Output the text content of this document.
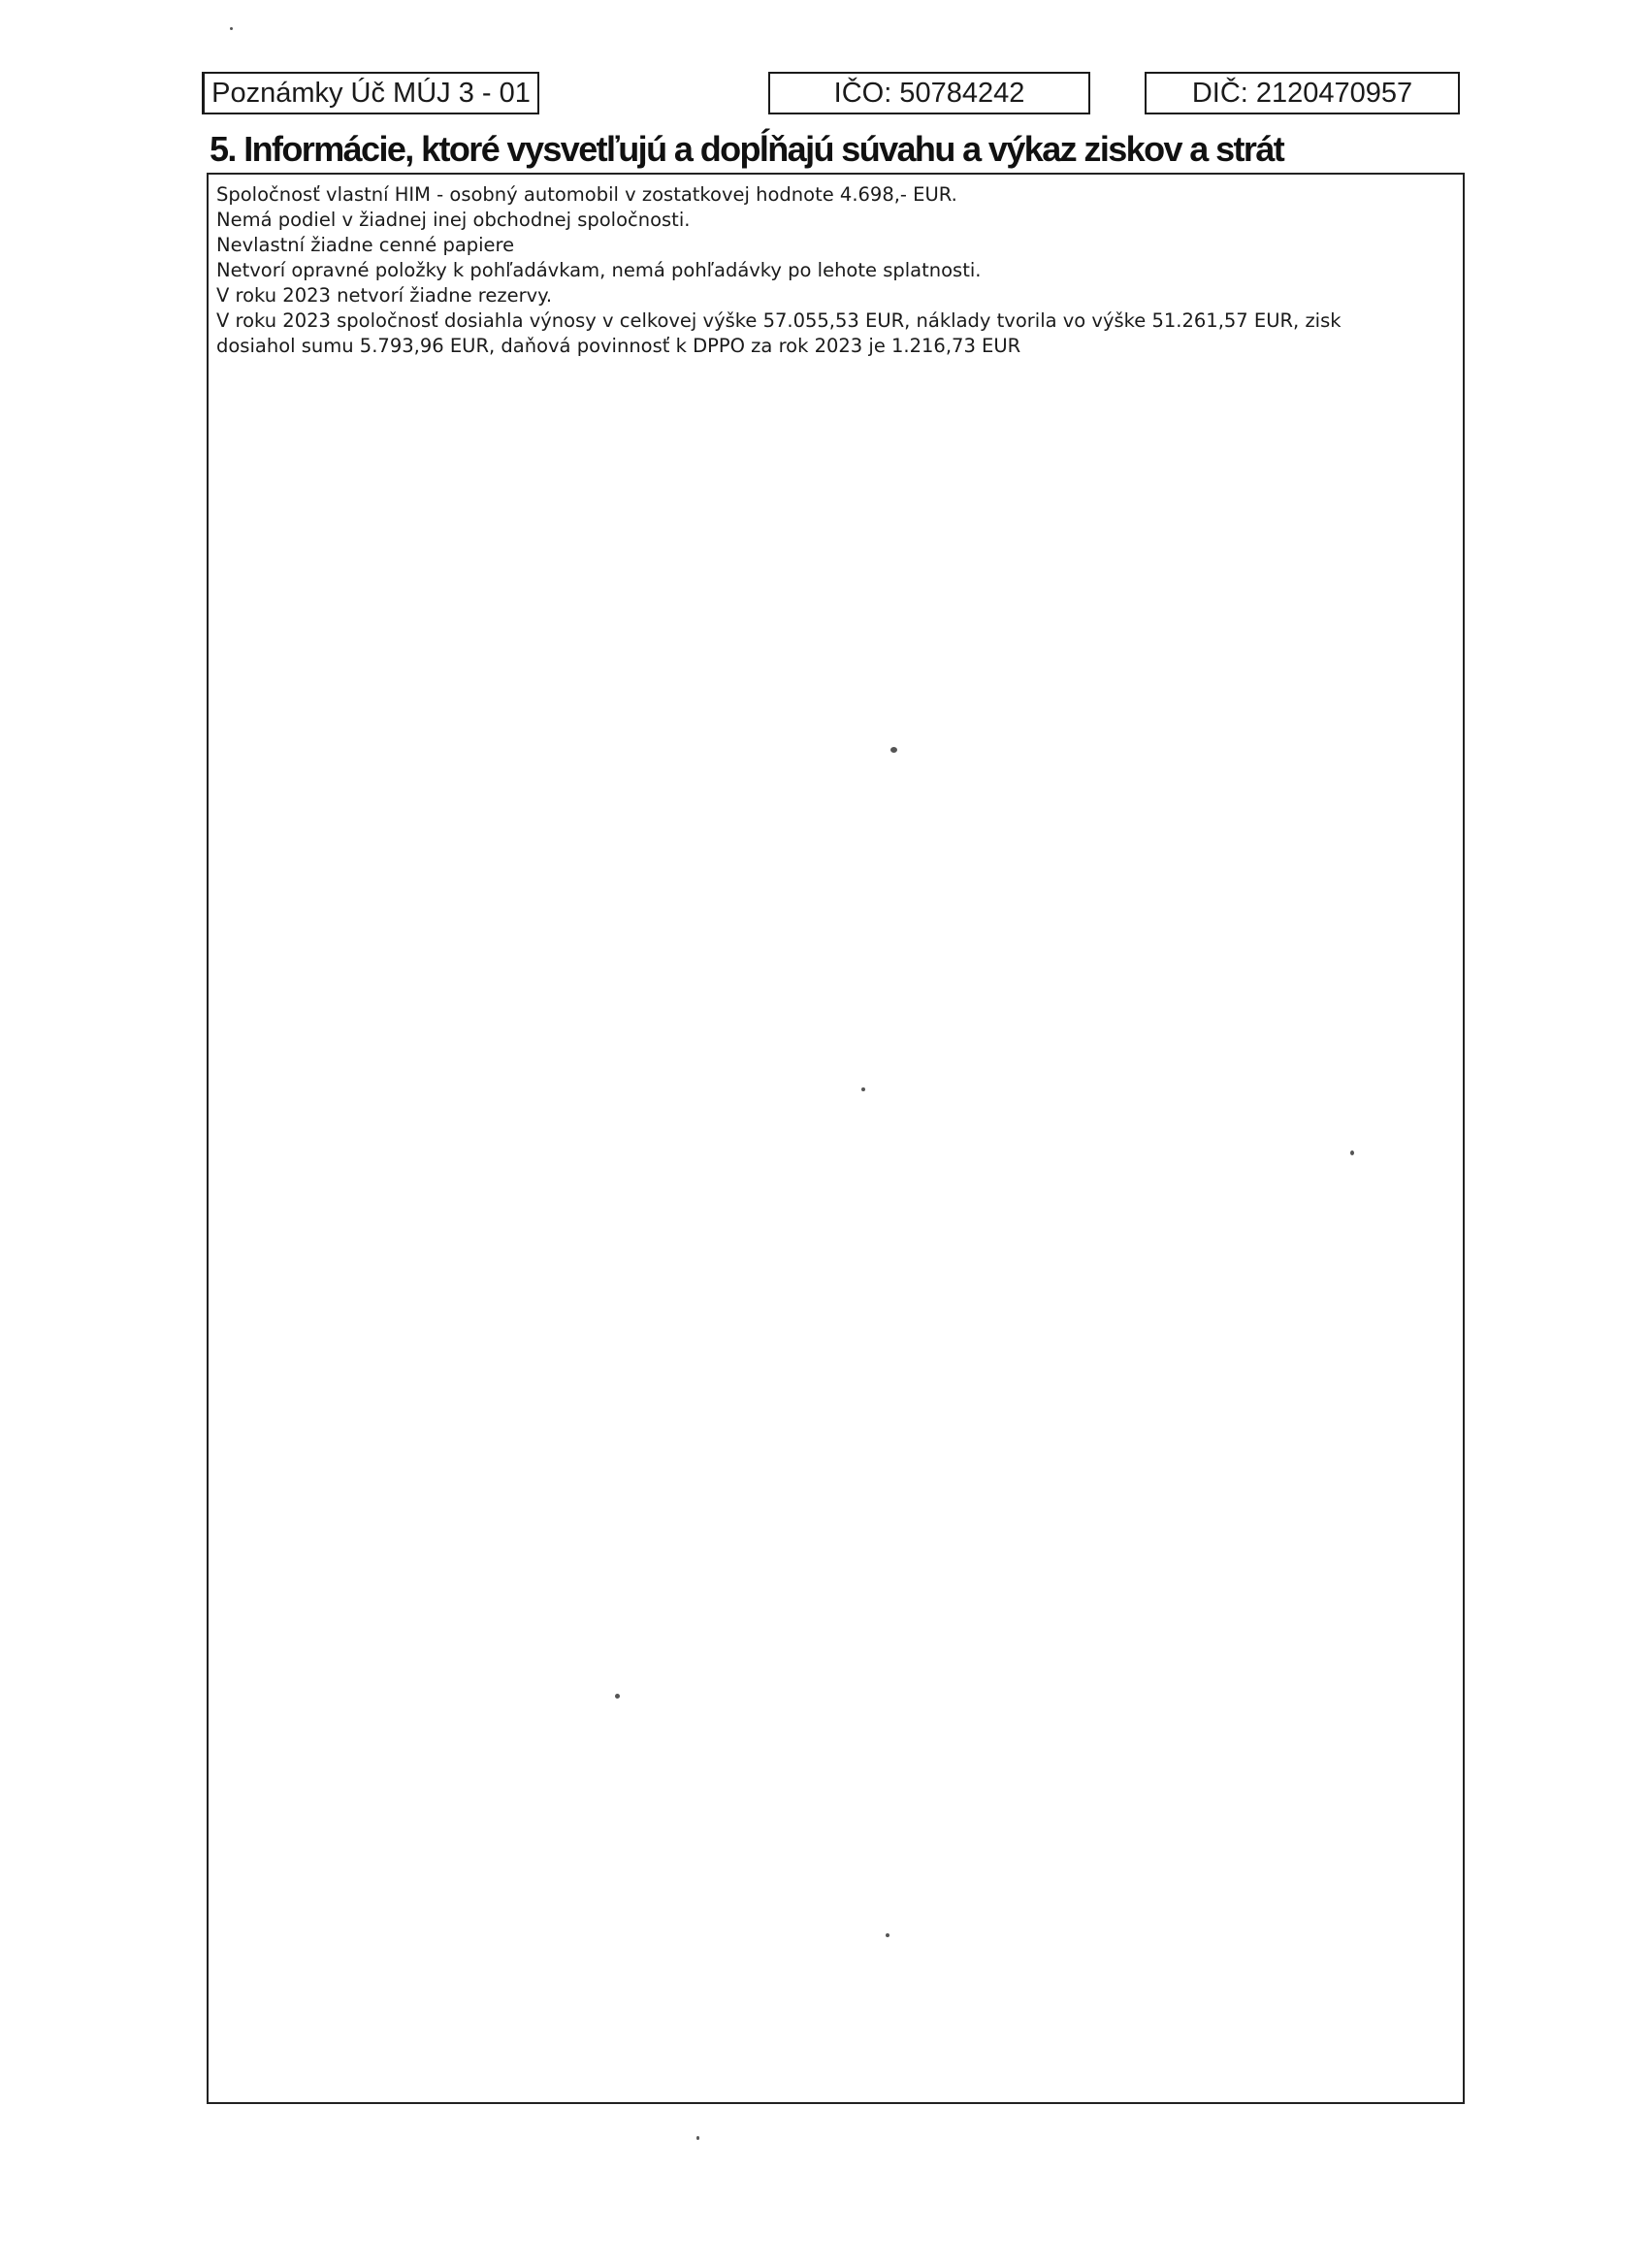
Poznámky Úč MÚJ 3 - 01	IČO: 50784242	DIČ: 2120470957
5. Informácie, ktoré vysvetľujú a dopĺňajú súvahu a výkaz ziskov a strát

Spoločnosť vlastní HIM - osobný automobil v zostatkovej hodnote 4.698,- EUR.

Nemá podiel v žiadnej inej obchodnej spoločnosti.

Nevlastní žiadne cenné papiere

Netvorí opravné položky k pohľadávkam, nemá pohľadávky po lehote splatnosti.

V roku 2023 netvorí žiadne rezervy.

V roku 2023 spoločnosť dosiahla výnosy v celkovej výške 57.055,53 EUR, náklady tvorila vo výške 51.261,57 EUR, zisk
dosiahol sumu 5.793,96 EUR, daňová povinnosť k DPPO za rok 2023 je 1.216,73 EUR
